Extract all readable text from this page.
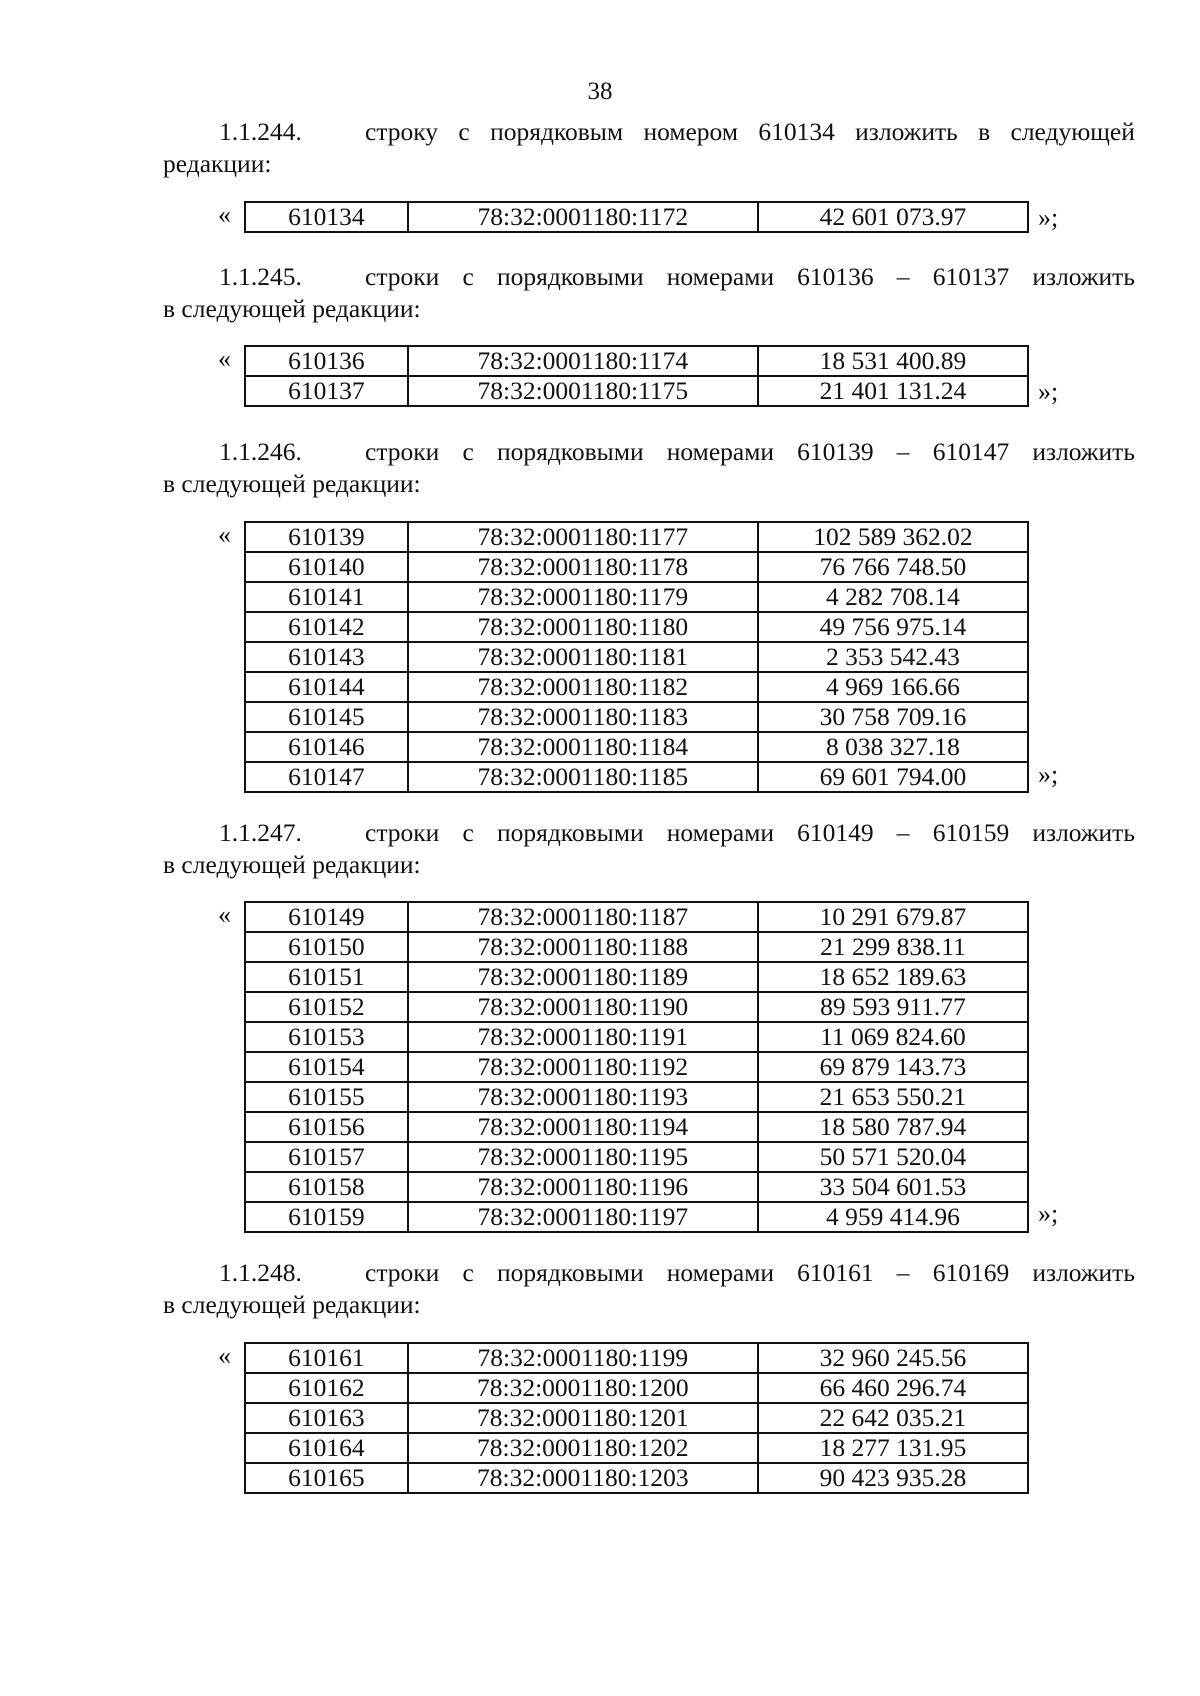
38
1.1.244.	строку с порядковым номером 610134 изложить в следующей
редакции:
« 610134	78:32:0001180:1172	42 601 073.97	»;
1.1.245.	строки с порядковыми номерами 610136 – 610137 изложить
в следующей редакции:
« 610136	78:32:0001180:1174	18 531 400.89
610137	78:32:0001180:1175	21 401 131.24	»;
1.1.246.	строки с порядковыми номерами 610139 – 610147 изложить
в следующей редакции:
« 610139	78:32:0001180:1177	102 589 362.02
610140	78:32:0001180:1178	76 766 748.50
610141	78:32:0001180:1179	4 282 708.14
610142	78:32:0001180:1180	49 756 975.14
610143	78:32:0001180:1181	2 353 542.43
610144	78:32:0001180:1182	4 969 166.66
610145	78:32:0001180:1183	30 758 709.16
610146	78:32:0001180:1184	8 038 327.18
610147	78:32:0001180:1185	69 601 794.00	»;
1.1.247.	строки с порядковыми номерами 610149 – 610159 изложить
в следующей редакции:
« 610149	78:32:0001180:1187	10 291 679.87
610150	78:32:0001180:1188	21 299 838.11
610151	78:32:0001180:1189	18 652 189.63
610152	78:32:0001180:1190	89 593 911.77
610153	78:32:0001180:1191	11 069 824.60
610154	78:32:0001180:1192	69 879 143.73
610155	78:32:0001180:1193	21 653 550.21
610156	78:32:0001180:1194	18 580 787.94
610157	78:32:0001180:1195	50 571 520.04
610158	78:32:0001180:1196	33 504 601.53
610159	78:32:0001180:1197	4 959 414.96	»;
1.1.248.	строки с порядковыми номерами 610161 – 610169 изложить
в следующей редакции:
« 610161	78:32:0001180:1199	32 960 245.56
610162	78:32:0001180:1200	66 460 296.74
610163	78:32:0001180:1201	22 642 035.21
610164	78:32:0001180:1202	18 277 131.95
610165	78:32:0001180:1203	90 423 935.28
